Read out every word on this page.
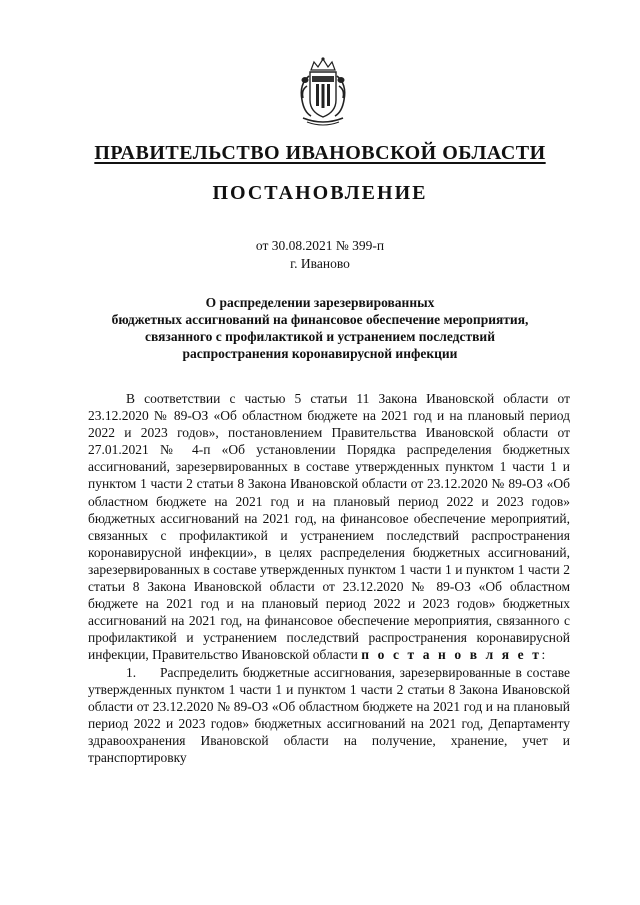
ПРАВИТЕЛЬСТВО ИВАНОВСКОЙ ОБЛАСТИ
ПОСТАНОВЛЕНИЕ
от 30.08.2021 № 399-п
г. Иваново
О распределении зарезервированных
бюджетных ассигнований на финансовое обеспечение мероприятия,
связанного с профилактикой и устранением последствий
распространения коронавирусной инфекции

В соответствии с частью 5 статьи 11 Закона Ивановской области от 23.12.2020 № 89-ОЗ «Об областном бюджете на 2021 год и на плановый период 2022 и 2023 годов», постановлением Правительства Ивановской области от 27.01.2021 № 4-п «Об установлении Порядка распределения бюджетных ассигнований, зарезервированных в составе утвержденных пунктом 1 части 1 и пунктом 1 части 2 статьи 8 Закона Ивановской области от 23.12.2020 № 89-ОЗ «Об областном бюджете на 2021 год и на плановый период 2022 и 2023 годов» бюджетных ассигнований на 2021 год, на финансовое обеспечение мероприятий, связанных с профилактикой и устранением последствий распространения коронавирусной инфекции», в целях распределения бюджетных ассигнований, зарезервированных в составе утвержденных пунктом 1 части 1 и пунктом 1 части 2 статьи 8 Закона Ивановской области от 23.12.2020 № 89-ОЗ «Об областном бюджете на 2021 год и на плановый период 2022 и 2023 годов» бюджетных ассигнований на 2021 год, на финансовое обеспечение мероприятия, связанного с профилактикой и устранением последствий распространения коронавирусной инфекции, Правительство Ивановской области п о с т а н о в л я е т:

1. Распределить бюджетные ассигнования, зарезервированные в составе утвержденных пунктом 1 части 1 и пунктом 1 части 2 статьи 8 Закона Ивановской области от 23.12.2020 № 89-ОЗ «Об областном бюджете на 2021 год и на плановый период 2022 и 2023 годов» бюджетных ассигнований на 2021 год, Департаменту здравоохранения Ивановской области на получение, хранение, учет и транспортировку
